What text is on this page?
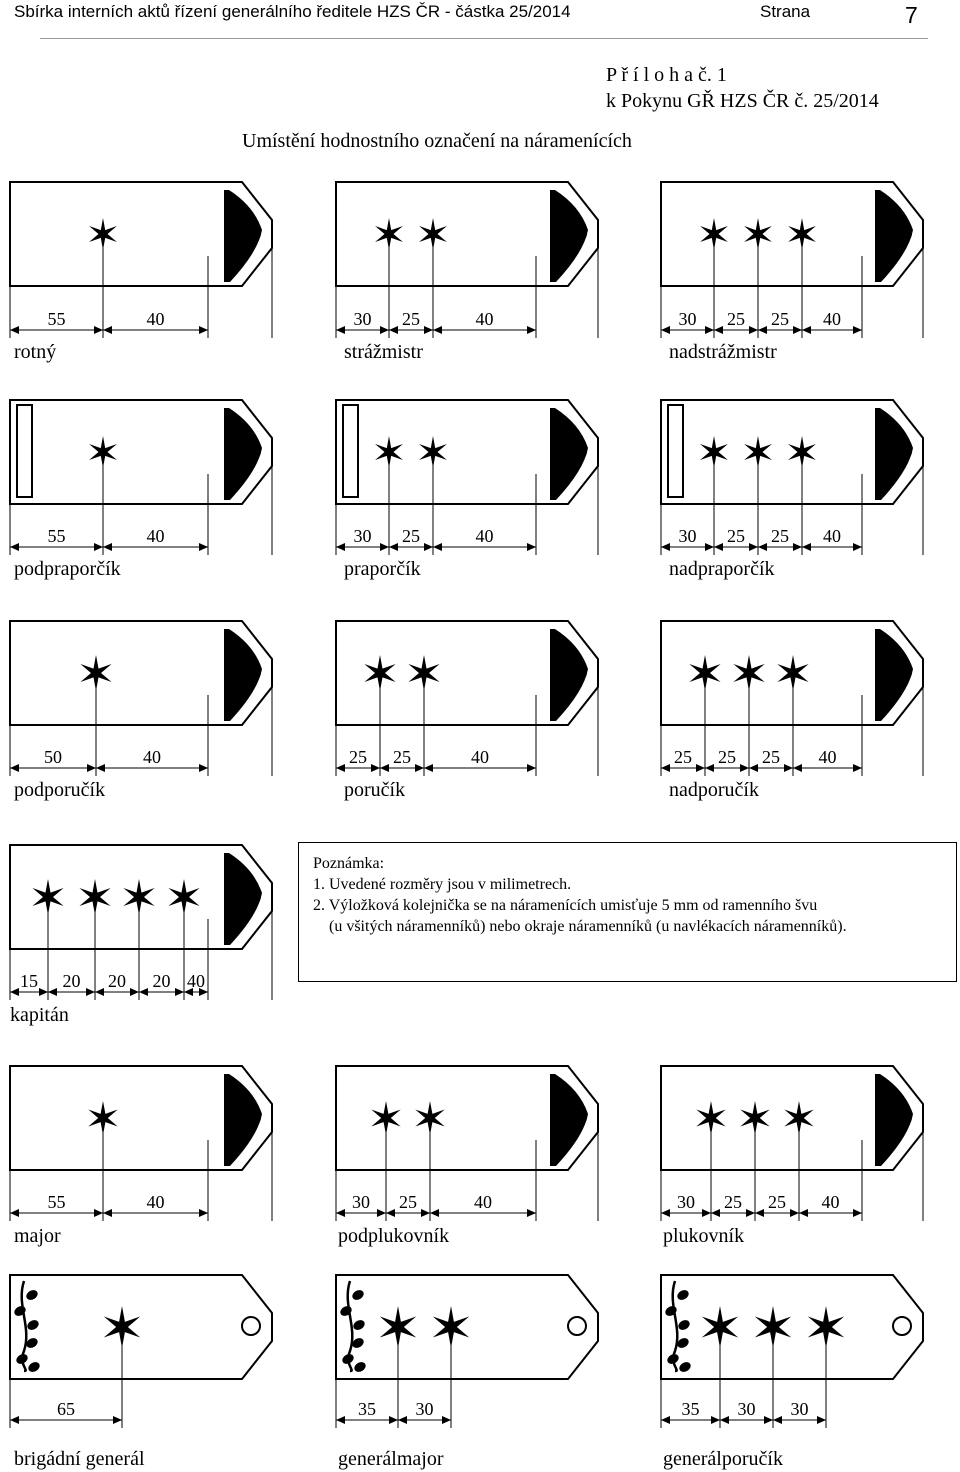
Sbírka interních aktů řízení generálního ředitele HZS ČR - částka 25/2014	Strana	7
P ř í l o h a č. 1
k Pokynu GŘ HZS ČR č. 25/2014
Umístění hodnostního označení na náramenících
55	40
rotný
30 25	40
strážmistr
30 25 25 40
nadstrážmistr
55	40
podpraporčík
30 25	40
praporčík
30 25 25 40
nadpraporčík
50	40
podporučík
25 25	40
poručík
25 25 25 40
nadporučík
15 20 20 20 40
kapitán
55	40
major
30 25	40
podplukovník
30 25 25 40
plukovník
65
brigádní generál
35 30
generálmajor
35 30 30
generálporučík
Poznámka:
1. Uvedené rozměry jsou v milimetrech.
2. Výložková kolejnička se na náramenících umisťuje 5 mm od ramenního švu
(u všitých náramenníků) nebo okraje náramenníků (u navlékacích náramenníků).
